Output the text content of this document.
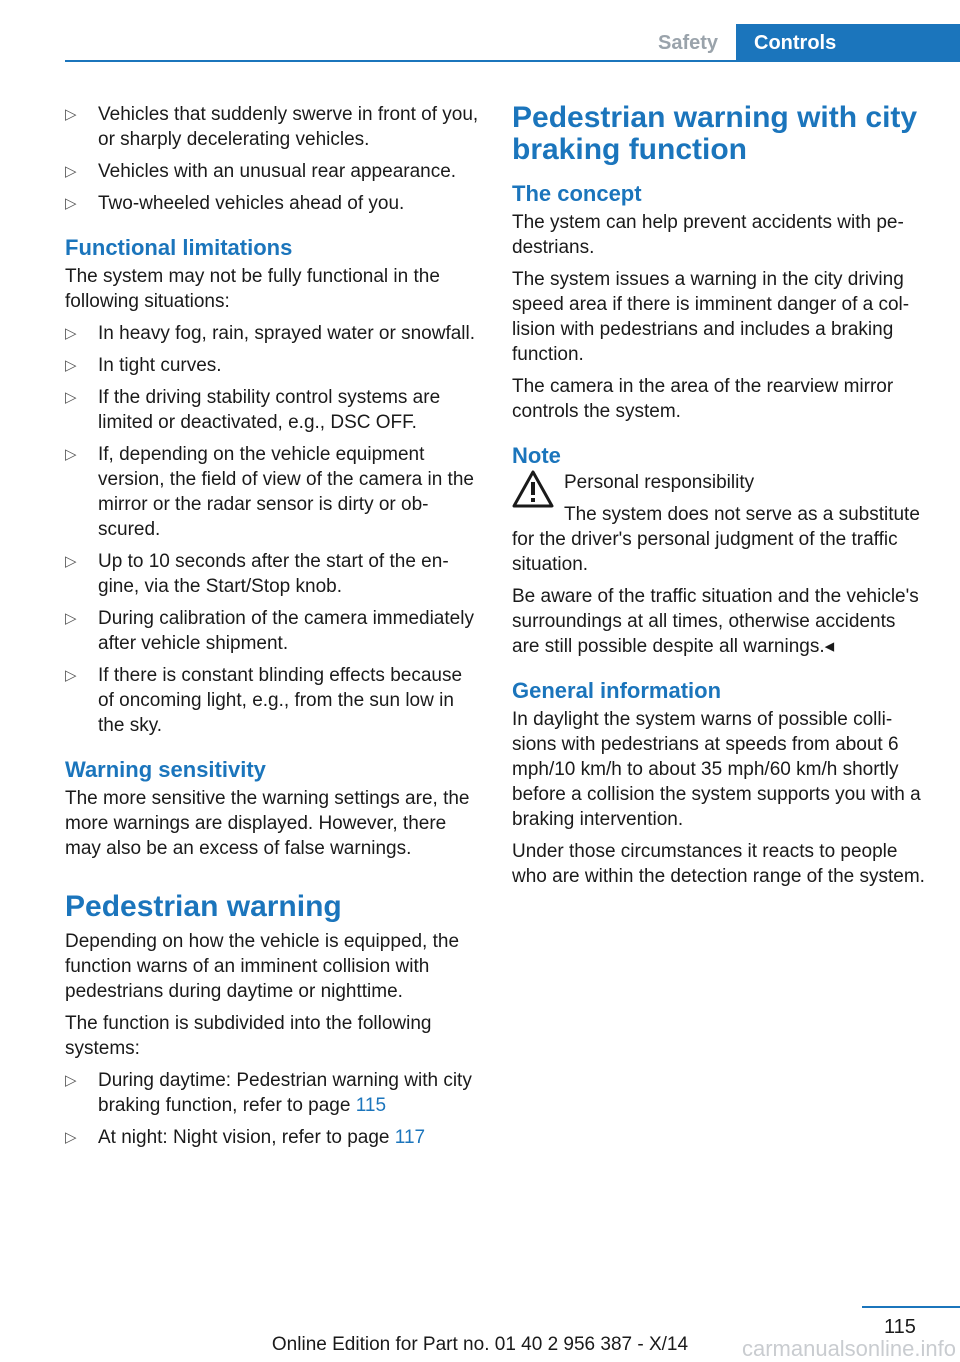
Safety	Controls
▷ Vehicles that suddenly swerve in front of you, or sharply decelerating vehicles.
▷ Vehicles with an unusual rear appearance.
▷ Two-wheeled vehicles ahead of you.
Functional limitations

The system may not be fully functional in the following situations:

▷ In heavy fog, rain, sprayed water or snowfall.
▷ In tight curves.
▷ If the driving stability control systems are limited or deactivated, e.g., DSC OFF.
▷ If, depending on the vehicle equipment version, the field of view of the camera in the mirror or the radar sensor is dirty or obscured.
▷ Up to 10 seconds after the start of the engine, via the Start/Stop knob.
▷ During calibration of the camera immediately after vehicle shipment.
▷ If there is constant blinding effects because of oncoming light, e.g., from the sun low in the sky.
Warning sensitivity

The more sensitive the warning settings are, the more warnings are displayed. However, there may also be an excess of false warnings.

Pedestrian warning

Depending on how the vehicle is equipped, the function warns of an imminent collision with pedestrians during daytime or nighttime.

The function is subdivided into the following systems:

▷ During daytime: Pedestrian warning with city braking function, refer to page 115
▷ At night: Night vision, refer to page 117
Pedestrian warning with city braking function
The concept

The ystem can help prevent accidents with pedestrians.

The system issues a warning in the city driving speed area if there is imminent danger of a collision with pedestrians and includes a braking function.

The camera in the area of the rearview mirror controls the system.

Note
Personal responsibility

The system does not serve as a substitute for the driver's personal judgment of the traffic situation.

Be aware of the traffic situation and the vehicle's surroundings at all times, otherwise accidents are still possible despite all warnings.◂

General information

In daylight the system warns of possible collisions with pedestrians at speeds from about 6 mph/10 km/h to about 35 mph/60 km/h shortly before a collision the system supports you with a braking intervention.

Under those circumstances it reacts to people who are within the detection range of the system.

115
Online Edition for Part no. 01 40 2 956 387 - X/14	carmanualsonline.info
